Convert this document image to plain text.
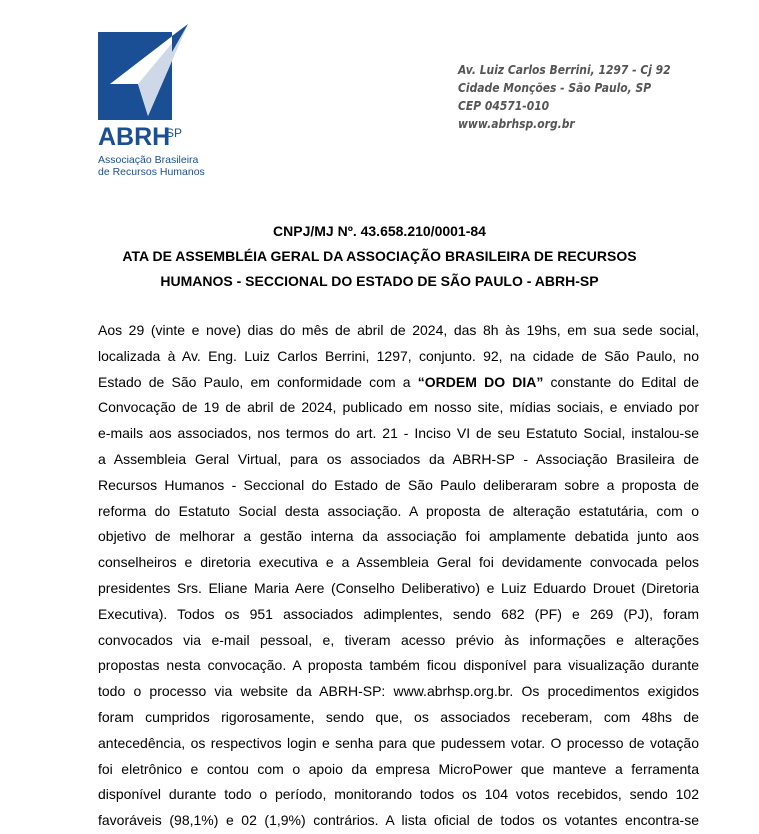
ABRH
SP
Associação Brasileira
de Recursos Humanos
Av. Luiz Carlos Berrini, 1297 - Cj 92
Cidade Monções - São Paulo, SP
CEP 04571-010
www.abrhsp.org.br
CNPJ/MJ Nº. 43.658.210/0001-84
ATA DE ASSEMBLÉIA GERAL DA ASSOCIAÇÃO BRASILEIRA DE RECURSOS
HUMANOS - SECCIONAL DO ESTADO DE SÃO PAULO - ABRH-SP
Aos 29 (vinte e nove) dias do mês de abril de 2024, das 8h às 19hs, em sua sede social,
localizada à Av. Eng. Luiz Carlos Berrini, 1297, conjunto. 92, na cidade de São Paulo, no
Estado de São Paulo, em conformidade com a “ORDEM DO DIA” constante do Edital de
Convocação de 19 de abril de 2024, publicado em nosso site, mídias sociais, e enviado por
e-mails aos associados, nos termos do art. 21 - Inciso VI de seu Estatuto Social, instalou-se
a Assembleia Geral Virtual, para os associados da ABRH-SP - Associação Brasileira de
Recursos Humanos - Seccional do Estado de São Paulo deliberaram sobre a proposta de
reforma do Estatuto Social desta associação. A proposta de alteração estatutária, com o
objetivo de melhorar a gestão interna da associação foi amplamente debatida junto aos
conselheiros e diretoria executiva e a Assembleia Geral foi devidamente convocada pelos
presidentes Srs. Eliane Maria Aere (Conselho Deliberativo) e Luiz Eduardo Drouet (Diretoria
Executiva). Todos os 951 associados adimplentes, sendo 682 (PF) e 269 (PJ), foram
convocados via e-mail pessoal, e, tiveram acesso prévio às informações e alterações
propostas nesta convocação. A proposta também ficou disponível para visualização durante
todo o processo via website da ABRH-SP: www.abrhsp.org.br. Os procedimentos exigidos
foram cumpridos rigorosamente, sendo que, os associados receberam, com 48hs de
antecedência, os respectivos login e senha para que pudessem votar. O processo de votação
foi eletrônico e contou com o apoio da empresa MicroPower que manteve a ferramenta
disponível durante todo o período, monitorando todos os 104 votos recebidos, sendo 102
favoráveis (98,1%) e 02 (1,9%) contrários. A lista oficial de todos os votantes encontra-se
